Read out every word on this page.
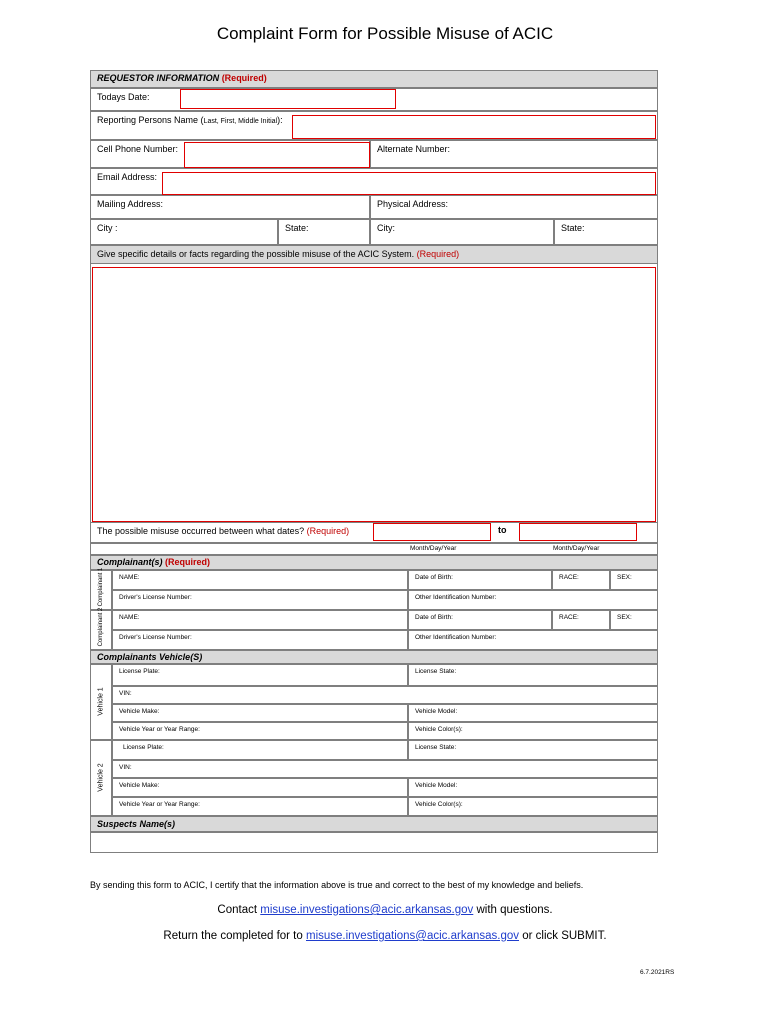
Complaint Form for Possible Misuse of ACIC
REQUESTOR INFORMATION (Required)
Todays Date:
Reporting Persons Name (Last, First, Middle Initial):
Cell Phone Number:	Alternate Number:
Email Address:
Mailing Address:	Physical Address:
City :	State:	City:	State:
Give specific details or facts regarding the possible misuse of the ACIC System. (Required)
The possible misuse occurred between what dates? (Required)	to
Month/Day/Year	Month/Day/Year
Complainant(s) (Required)
Complainant 1	NAME:	Date of Birth:	RACE:	SEX:
Driver's License Number:	Other Identification Number:
Complainant 2	NAME:	Date of Birth:	RACE:	SEX:
Driver's License Number:	Other Identification Number:
Complainants Vehicle(S)
Vehicle 1
License Plate:	License State:
VIN:
Vehicle Make:	Vehicle Model:
Vehicle Year or Year Range:	Vehicle Color(s):
Vehicle 2
License Plate:	License State:
VIN:
Vehicle Make:	Vehicle Model:
Vehicle Year or Year Range:	Vehicle Color(s):
Suspects Name(s)
By sending this form to ACIC, I certify that the information above is true and correct to the best of my knowledge and beliefs.
Contact misuse.investigations@acic.arkansas.gov with questions.
Return the completed for to misuse.investigations@acic.arkansas.gov or click SUBMIT.
6.7.2021RS
